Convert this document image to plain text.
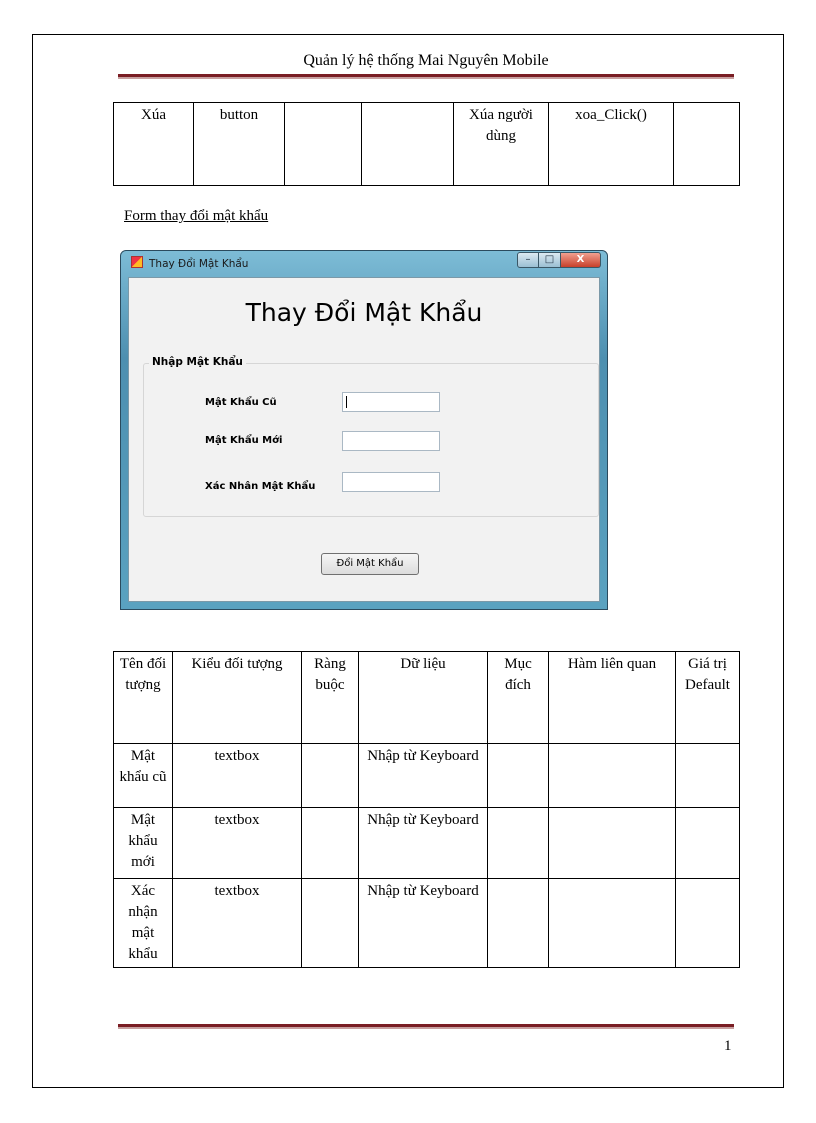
Quản lý hệ thống Mai Nguyên Mobile
Xúa	button			Xúa người dùng	xoa_Click()	
Form thay đổi mật khẩu
Thay Đổi Mật Khẩu	–	□	X
Thay Đổi Mật Khẩu
Nhập Mật Khẩu
Mật Khẩu Cũ
Mật Khẩu Mới
Xác Nhân Mật Khẩu
Đổi Mật Khẩu
Tên đối tượng	Kiểu đối tượng	Ràng buộc	Dữ liệu	Mục đích	Hàm liên quan	Giá trị Default
Mật khẩu cũ	textbox		Nhập từ Keyboard			
Mật khẩu mới	textbox		Nhập từ Keyboard			
Xác nhận mật khẩu	textbox		Nhập từ Keyboard			
1
